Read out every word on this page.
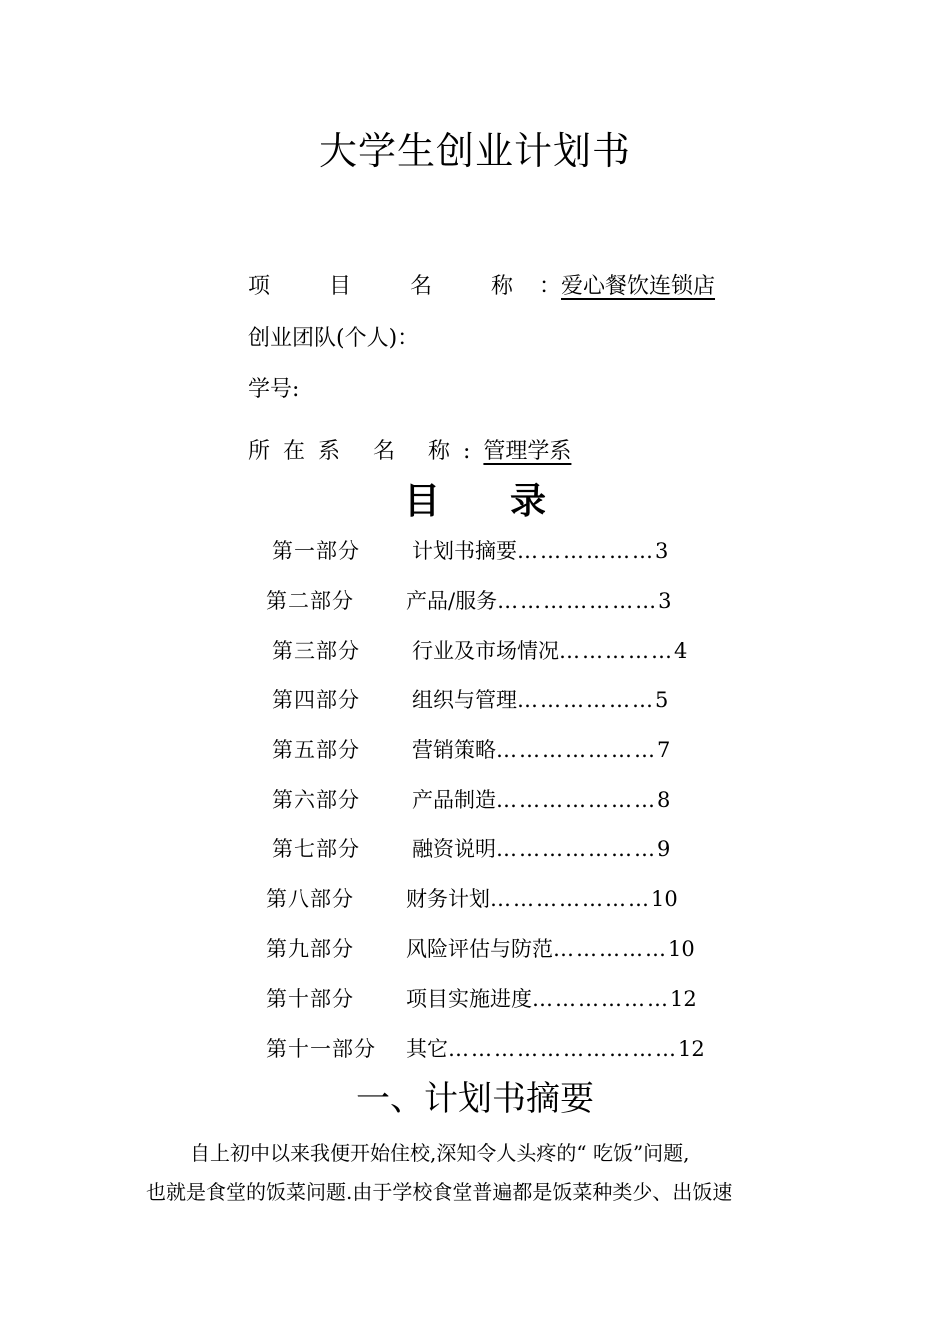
大学生创业计划书
项 目 名 称：爱心餐饮连锁店
创业团队(个人)：
学号:
所在系 名 称:管理学系
目 录
第一部分 计划书摘要………………3
第二部分 产品/服务…………………3
第三部分 行业及市场情况……………4
第四部分 组织与管理………………5
第五部分 营销策略…………………7
第六部分 产品制造…………………8
第七部分 融资说明…………………9
第八部分 财务计划…………………10
第九部分 风险评估与防范……………10
第十部分 项目实施进度………………12
第十一部分 其它…………………………12
一、计划书摘要
自上初中以来我便开始住校,深知令人头疼的“ 吃饭”问题,
也就是食堂的饭菜问题.由于学校食堂普遍都是饭菜种类少、出饭速
